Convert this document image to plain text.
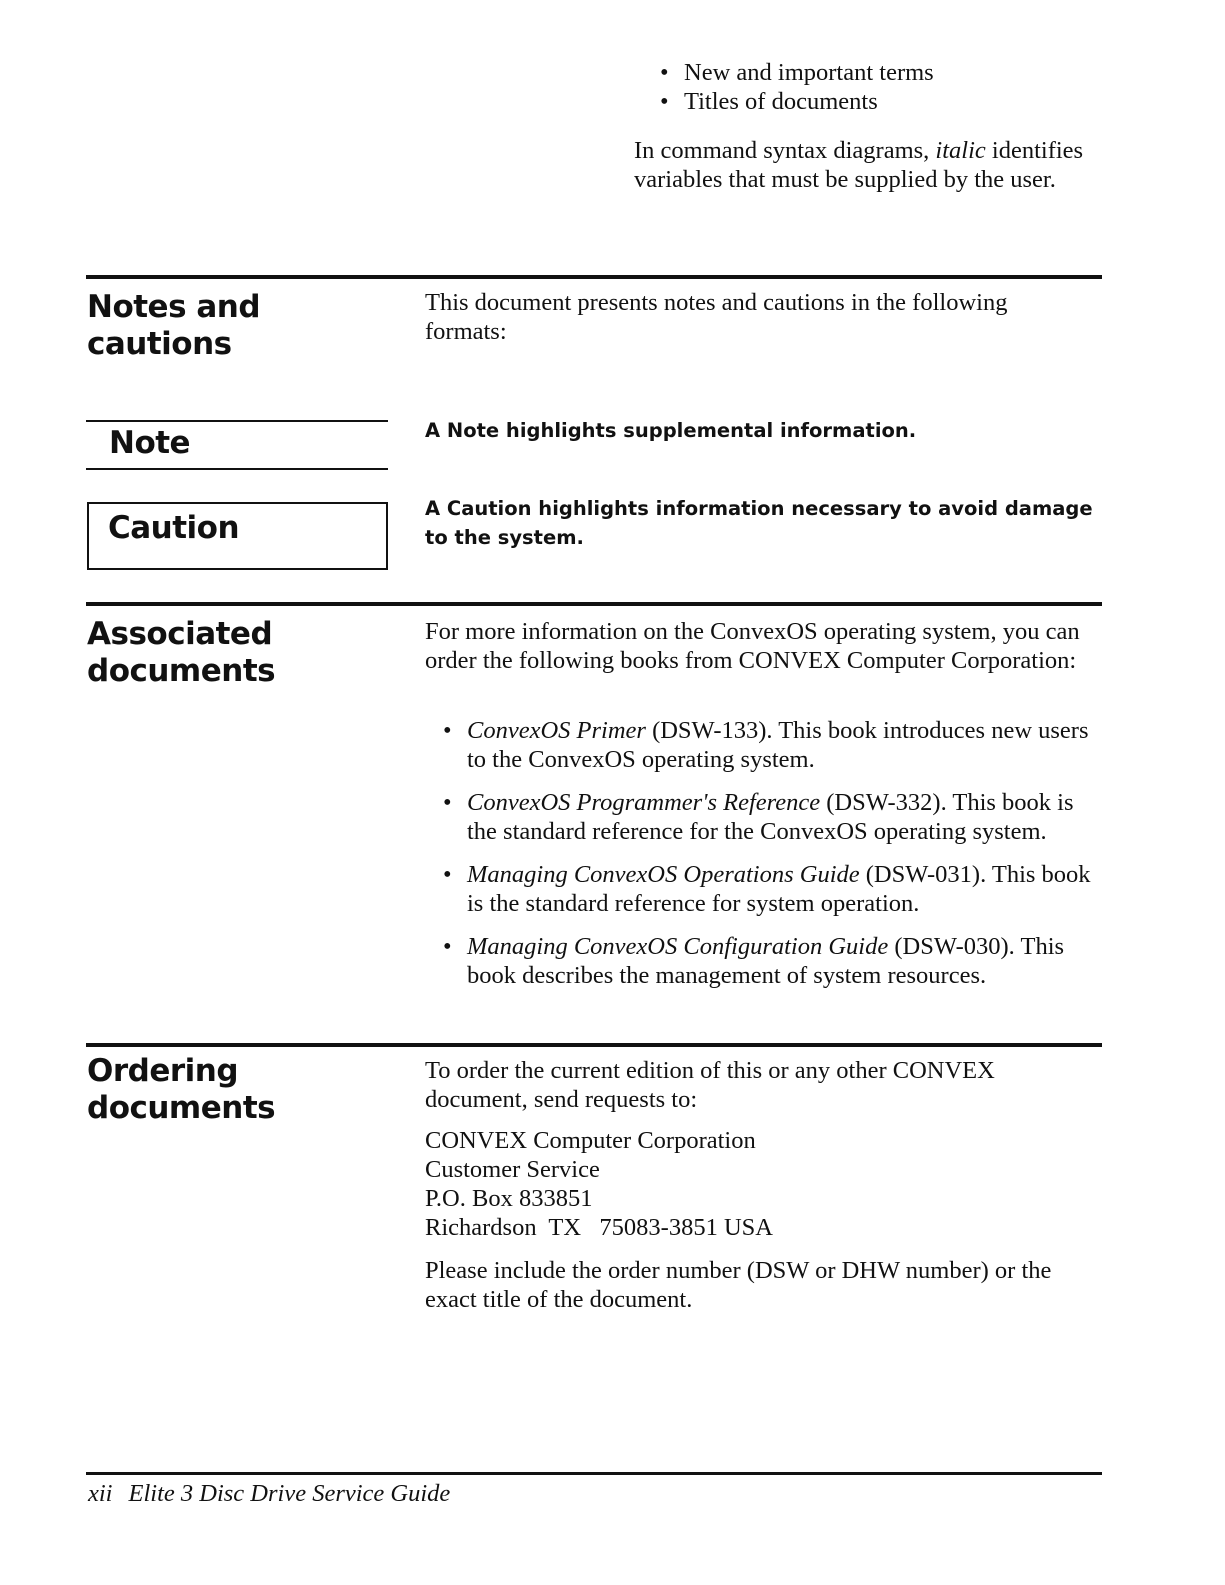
• New and important terms
• Titles of documents

In command syntax diagrams, italic identifies variables that must be supplied by the user.

Notes and
cautions

This document presents notes and cautions in the following formats:

Note	A Note highlights supplemental information.

Caution

A Caution highlights information necessary to avoid damage to the system.

Associated
documents

For more information on the ConvexOS operating system, you can order the following books from CONVEX Computer Corporation:

• ConvexOS Primer (DSW-133). This book introduces new users to the ConvexOS operating system.
• ConvexOS Programmer's Reference (DSW-332). This book is the standard reference for the ConvexOS operating system.
• Managing ConvexOS Operations Guide (DSW-031). This book is the standard reference for system operation.
• Managing ConvexOS Configuration Guide (DSW-030). This book describes the management of system resources.
Ordering
documents

To order the current edition of this or any other CONVEX document, send requests to:

CONVEX Computer Corporation
Customer Service
P.O. Box 833851
Richardson  TX   75083-3851 USA

Please include the order number (DSW or DHW number) or the exact title of the document.

xii Elite 3 Disc Drive Service Guide
